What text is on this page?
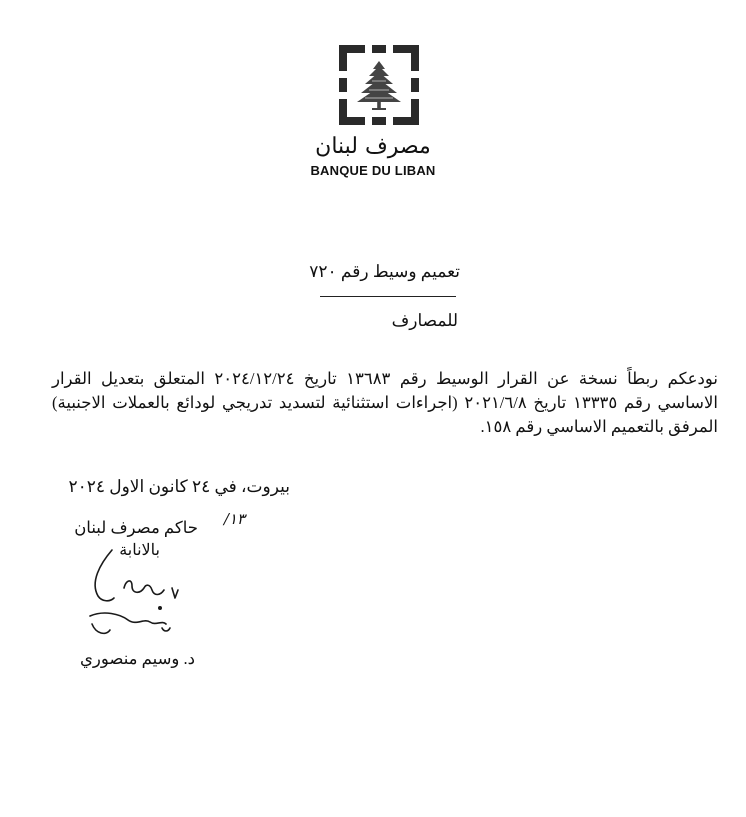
مصرف لبنان
BANQUE DU LIBAN
تعميم وسيط رقم ٧٢٠
للمصارف
نودعكم ربطاً نسخة عن القرار الوسيط رقم ١٣٦٨٣ تاريخ ٢٠٢٤/١٢/٢٤ المتعلق بتعديل القرار الاساسي رقم ١٣٣٣٥ تاريخ ٢٠٢١/٦/٨ (اجراءات استثنائية لتسديد تدريجي لودائع بالعملات الاجنبية) المرفق بالتعميم الاساسي رقم ١٥٨.
بيروت، في ٢٤ كانون الاول ٢٠٢٤
١٣/
حاكم مصرف لبنان
بالانابة
د. وسيم منصوري
